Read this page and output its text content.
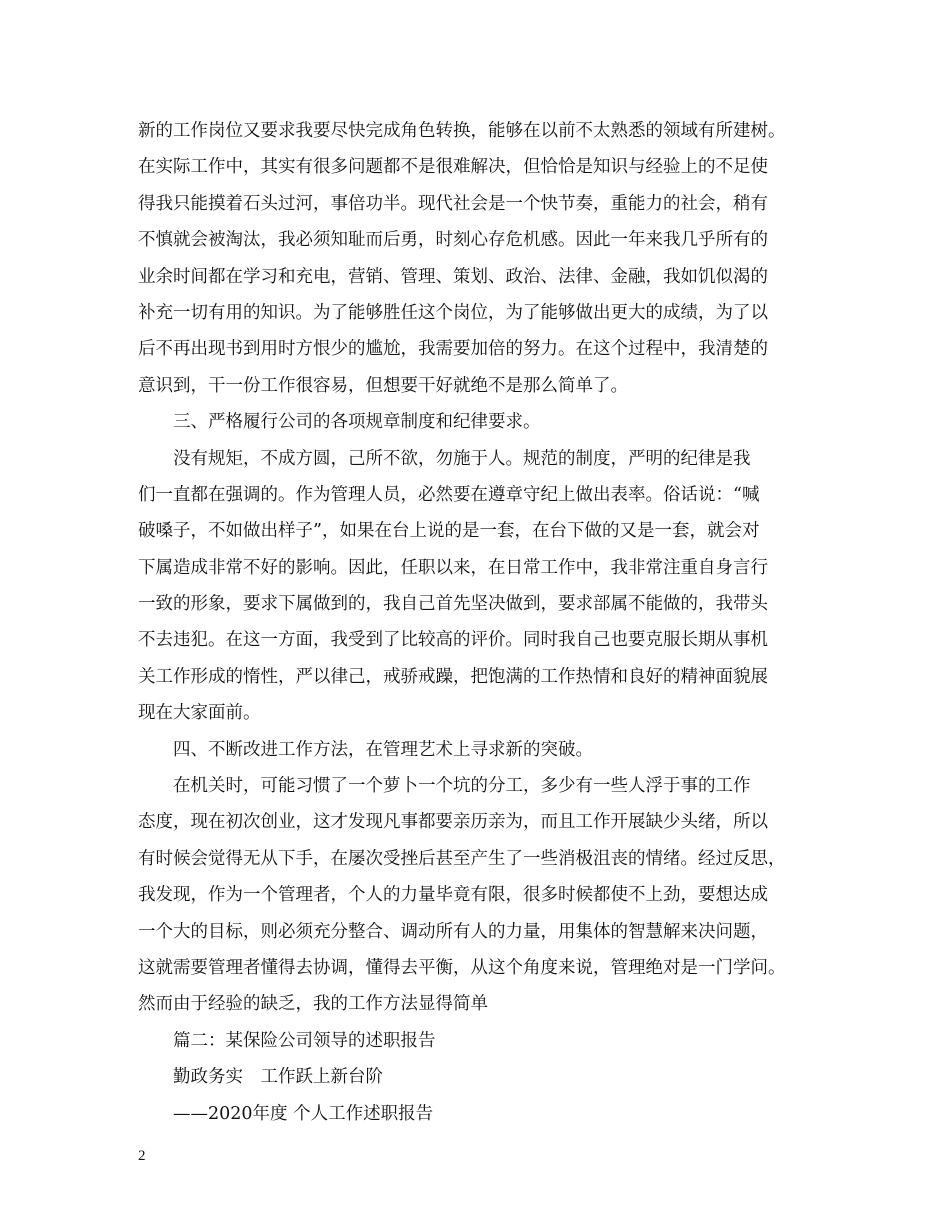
新的工作岗位又要求我要尽快完成角色转换，能够在以前不太熟悉的领域有所建树。
在实际工作中，其实有很多问题都不是很难解决，但恰恰是知识与经验上的不足使
得我只能摸着石头过河，事倍功半。现代社会是一个快节奏，重能力的社会，稍有
不慎就会被淘汰，我必须知耻而后勇，时刻心存危机感。因此一年来我几乎所有的
业余时间都在学习和充电，营销、管理、策划、政治、法律、金融，我如饥似渴的
补充一切有用的知识。为了能够胜任这个岗位，为了能够做出更大的成绩，为了以
后不再出现书到用时方恨少的尴尬，我需要加倍的努力。在这个过程中，我清楚的
意识到，干一份工作很容易，但想要干好就绝不是那么简单了。
三、严格履行公司的各项规章制度和纪律要求。
没有规矩，不成方圆，己所不欲，勿施于人。规范的制度，严明的纪律是我
们一直都在强调的。作为管理人员，必然要在遵章守纪上做出表率。俗话说：“喊
破嗓子，不如做出样子”，如果在台上说的是一套，在台下做的又是一套，就会对
下属造成非常不好的影响。因此，任职以来，在日常工作中，我非常注重自身言行
一致的形象，要求下属做到的，我自己首先坚决做到，要求部属不能做的，我带头
不去违犯。在这一方面，我受到了比较高的评价。同时我自己也要克服长期从事机
关工作形成的惰性，严以律己，戒骄戒躁，把饱满的工作热情和良好的精神面貌展
现在大家面前。
四、不断改进工作方法，在管理艺术上寻求新的突破。
在机关时，可能习惯了一个萝卜一个坑的分工，多少有一些人浮于事的工作
态度，现在初次创业，这才发现凡事都要亲历亲为，而且工作开展缺少头绪，所以
有时候会觉得无从下手，在屡次受挫后甚至产生了一些消极沮丧的情绪。经过反思，
我发现，作为一个管理者，个人的力量毕竟有限，很多时候都使不上劲，要想达成
一个大的目标，则必须充分整合、调动所有人的力量，用集体的智慧解来决问题，
这就需要管理者懂得去协调，懂得去平衡，从这个角度来说，管理绝对是一门学问。
然而由于经验的缺乏，我的工作方法显得简单
篇二：某保险公司领导的述职报告
勤政务实　工作跃上新台阶
——2020年度 个人工作述职报告
2
